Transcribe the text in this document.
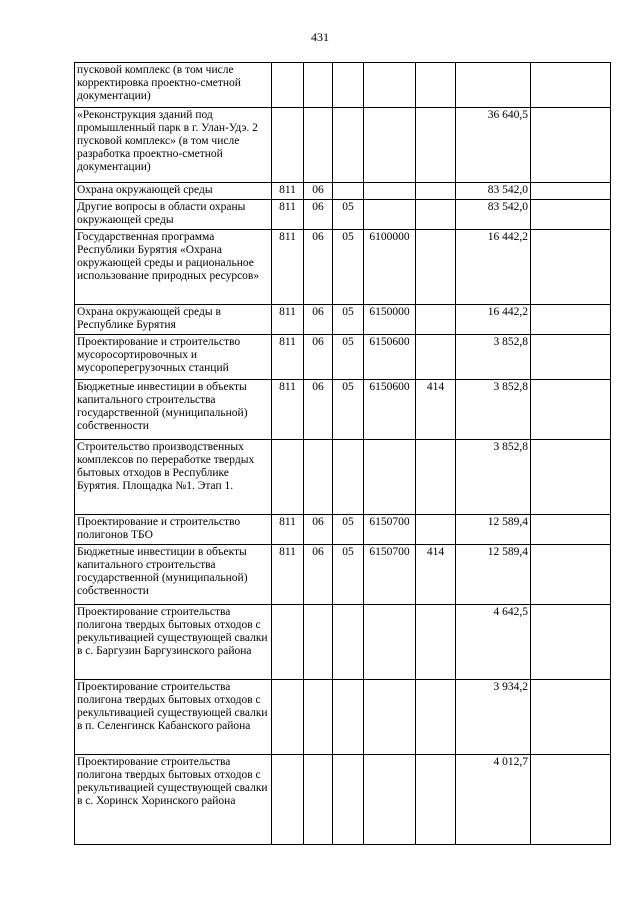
431
пусковой комплекс (в том числе корректировка проектно-сметной документации)							
«Реконструкция зданий под промышленный парк в г. Улан-Удэ. 2 пусковой комплекс» (в том числе разработка проектно-сметной документации)						36 640,5	
Охрана окружающей среды	811	06				83 542,0	
Другие вопросы в области охраны окружающей среды	811	06	05			83 542,0	
Государственная программа Республики Бурятия «Охрана окружающей среды и рациональное использование природных ресурсов»	811	06	05	6100000		16 442,2	
Охрана окружающей среды в Республике Бурятия	811	06	05	6150000		16 442,2	
Проектирование и строительство мусоросортировочных и мусороперегрузочных станций	811	06	05	6150600		3 852,8	
Бюджетные инвестиции в объекты капитального строительства государственной (муниципальной) собственности	811	06	05	6150600	414	3 852,8	
Строительство производственных комплексов по переработке твердых бытовых отходов в Республике Бурятия. Площадка №1. Этап 1.						3 852,8	
Проектирование и строительство полигонов ТБО	811	06	05	6150700		12 589,4	
Бюджетные инвестиции в объекты капитального строительства государственной (муниципальной) собственности	811	06	05	6150700	414	12 589,4	
Проектирование строительства полигона твердых бытовых отходов с рекультивацией существующей свалки в с. Баргузин Баргузинского района						4 642,5	
Проектирование строительства полигона твердых бытовых отходов с рекультивацией существующей свалки в п. Селенгинск Кабанского района						3 934,2	
Проектирование строительства полигона твердых бытовых отходов с рекультивацией существующей свалки в с. Хоринск Хоринского района						4 012,7	
